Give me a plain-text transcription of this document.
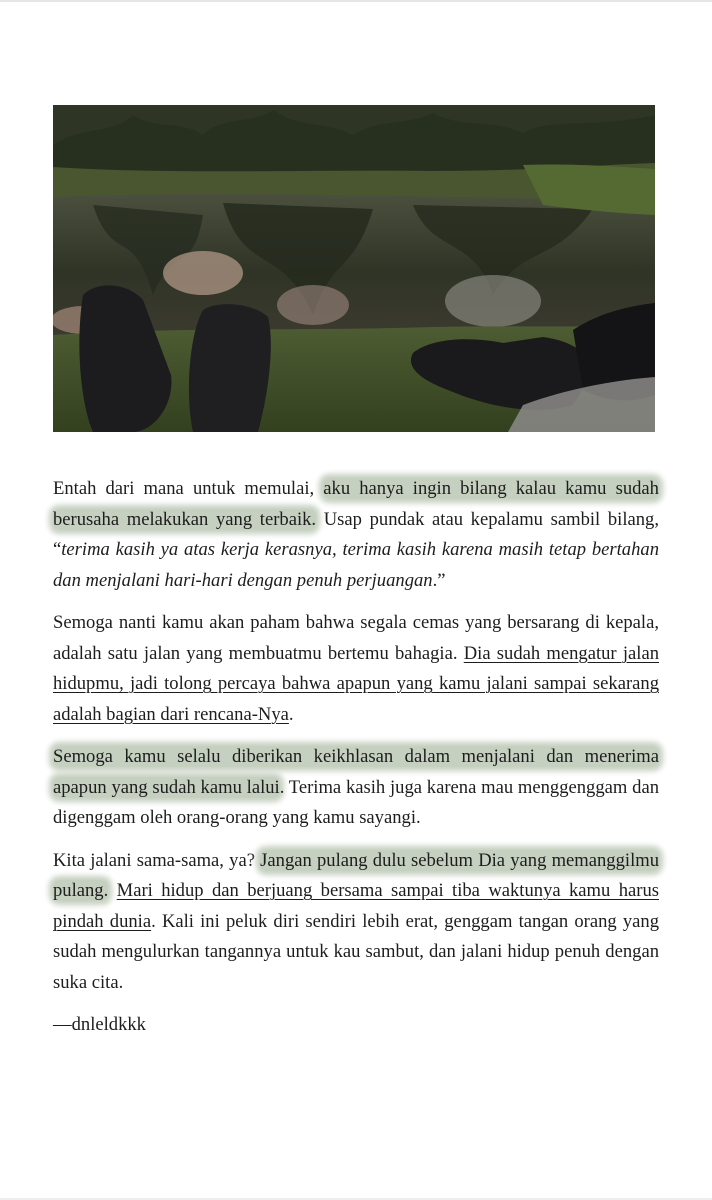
Entah dari mana untuk memulai, aku hanya ingin bilang kalau kamu sudah berusaha melakukan yang terbaik. Usap pundak atau kepalamu sambil bilang, “terima kasih ya atas kerja kerasnya, terima kasih karena masih tetap bertahan dan menjalani hari-hari dengan penuh perjuangan.”

Semoga nanti kamu akan paham bahwa segala cemas yang bersarang di kepala, adalah satu jalan yang membuatmu bertemu bahagia. Dia sudah mengatur jalan hidupmu, jadi tolong percaya bahwa apapun yang kamu jalani sampai sekarang adalah bagian dari rencana-Nya.

Semoga kamu selalu diberikan keikhlasan dalam menjalani dan menerima apapun yang sudah kamu lalui. Terima kasih juga karena mau menggenggam dan digenggam oleh orang-orang yang kamu sayangi.

Kita jalani sama-sama, ya? Jangan pulang dulu sebelum Dia yang memanggilmu pulang. Mari hidup dan berjuang bersama sampai tiba waktunya kamu harus pindah dunia. Kali ini peluk diri sendiri lebih erat, genggam tangan orang yang sudah mengulurkan tangannya untuk kau sambut, dan jalani hidup penuh dengan suka cita.

—dnleldkkk
